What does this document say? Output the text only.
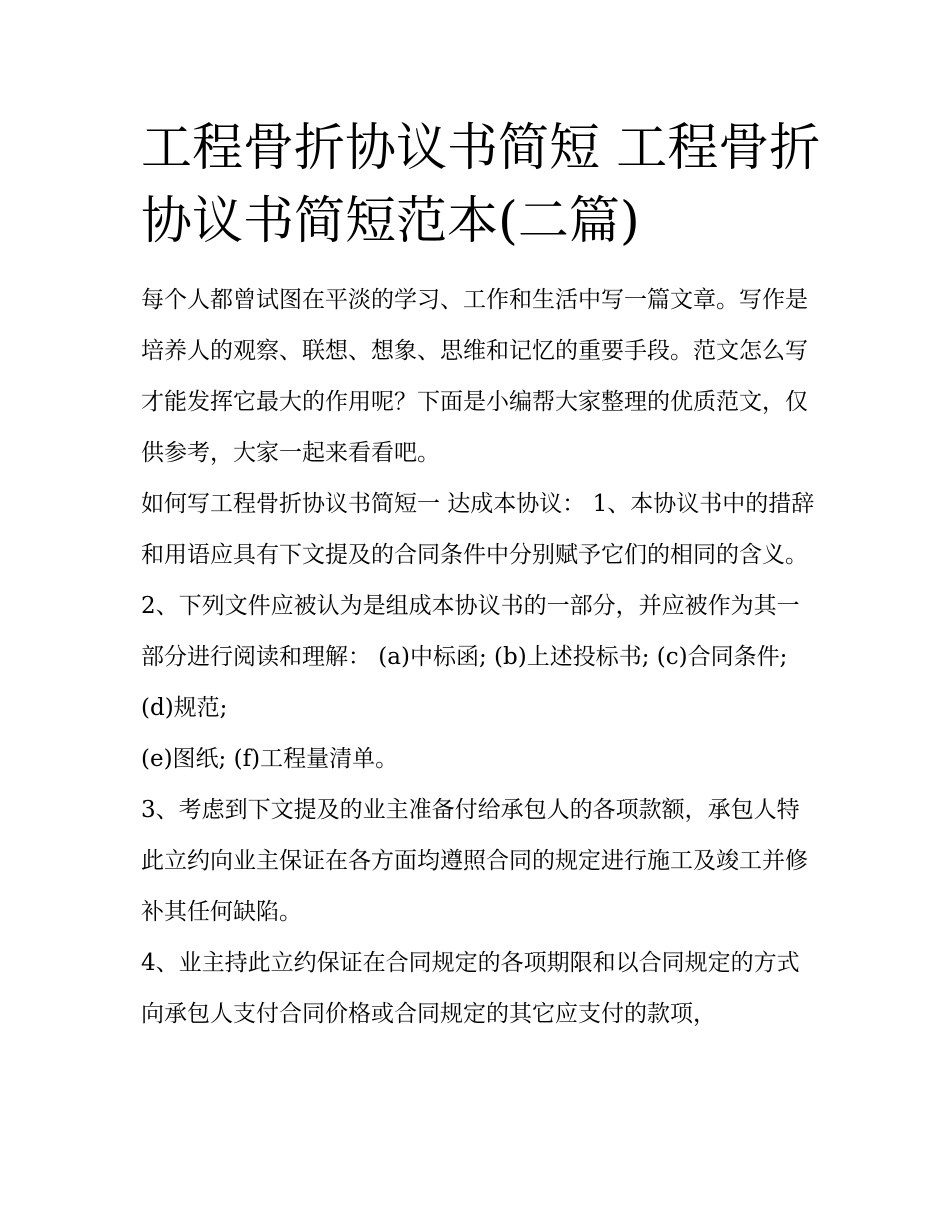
工程骨折协议书简短 工程骨折协议书简短范本(二篇)

每个人都曾试图在平淡的学习、工作和生活中写一篇文章。写作是培养人的观察、联想、想象、思维和记忆的重要手段。范文怎么写才能发挥它最大的作用呢？下面是小编帮大家整理的优质范文，仅供参考，大家一起来看看吧。

如何写工程骨折协议书简短一 达成本协议： 1、本协议书中的措辞和用语应具有下文提及的合同条件中分别赋予它们的相同的含义。

2、下列文件应被认为是组成本协议书的一部分，并应被作为其一部分进行阅读和理解： (a)中标函; (b)上述投标书; (c)合同条件; (d)规范;

(e)图纸; (f)工程量清单。

3、考虑到下文提及的业主准备付给承包人的各项款额，承包人特此立约向业主保证在各方面均遵照合同的规定进行施工及竣工并修补其任何缺陷。

4、业主持此立约保证在合同规定的各项期限和以合同规定的方式向承包人支付合同价格或合同规定的其它应支付的款项，
